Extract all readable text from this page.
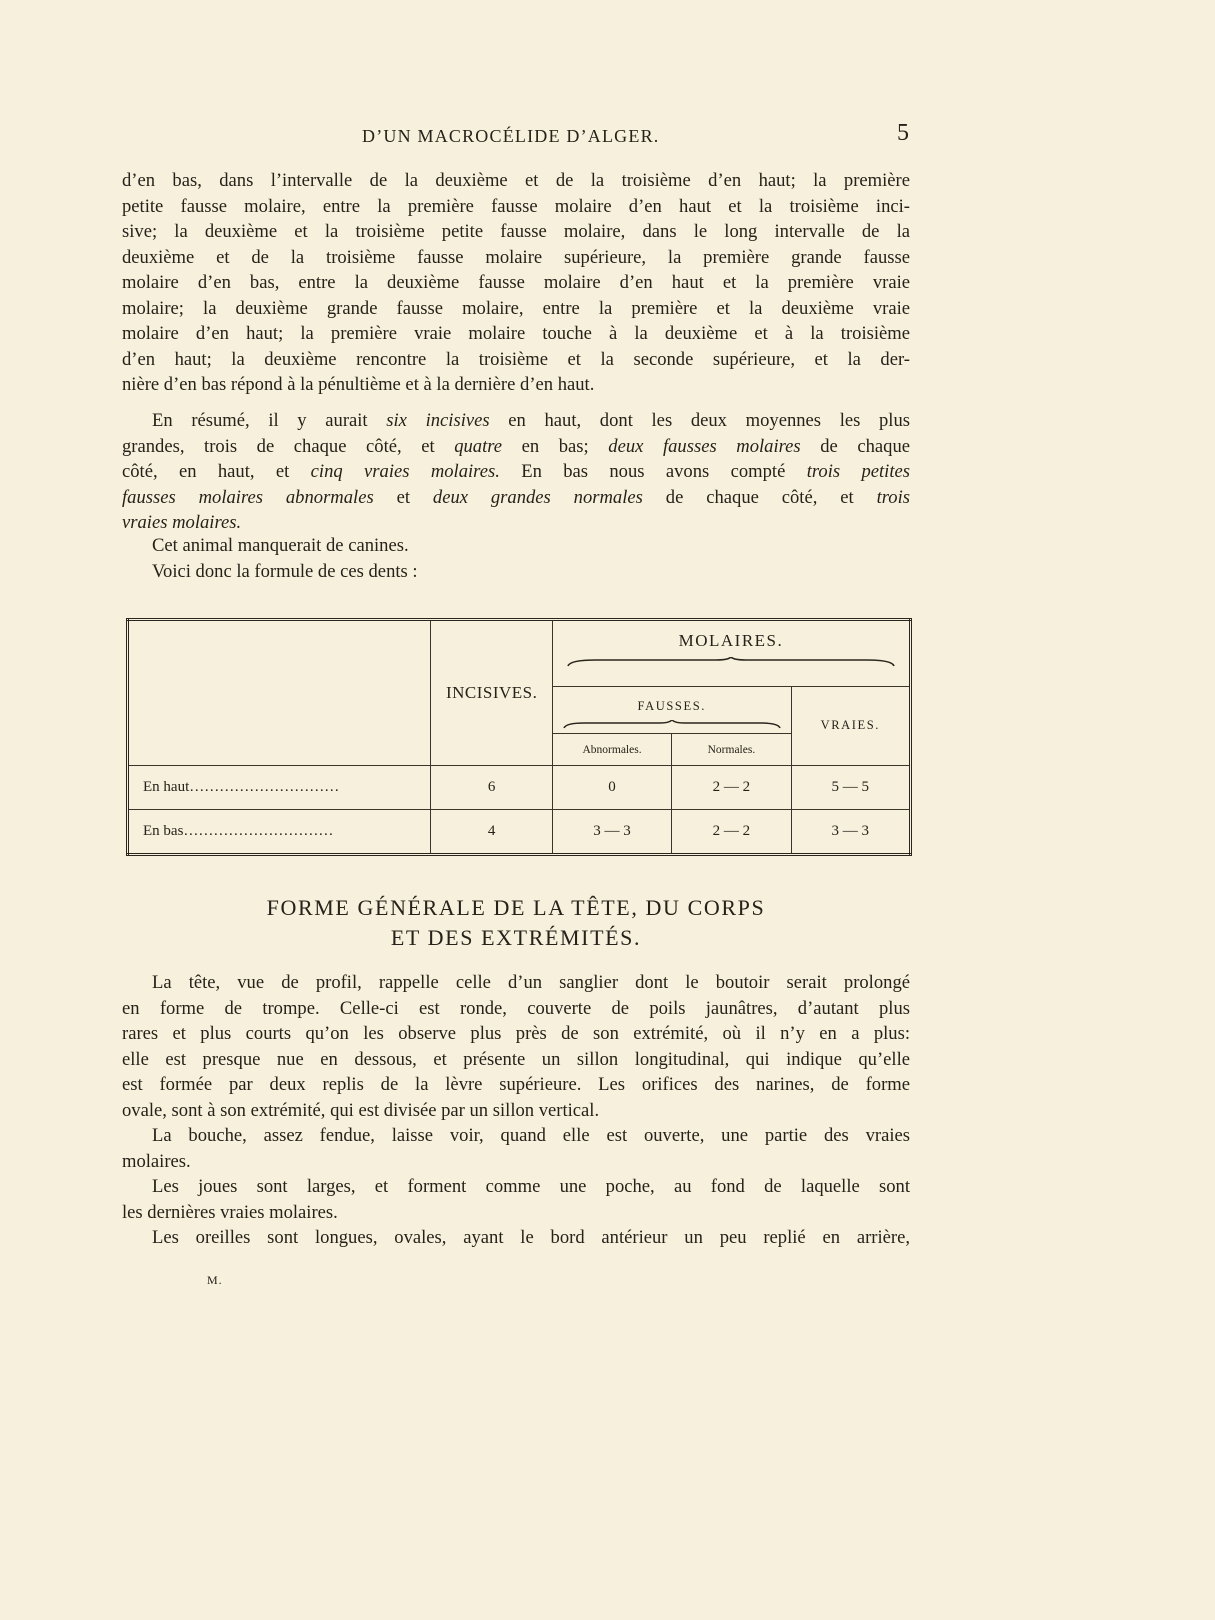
D’UN MACROCÉLIDE D’ALGER.	5

d’en bas, dans l’intervalle de la deuxième et de la troisième d’en haut; la première

petite fausse molaire, entre la première fausse molaire d’en haut et la troisième inci-

sive; la deuxième et la troisième petite fausse molaire, dans le long intervalle de la

deuxième et de la troisième fausse molaire supérieure, la première grande fausse

molaire d’en bas, entre la deuxième fausse molaire d’en haut et la première vraie

molaire; la deuxième grande fausse molaire, entre la première et la deuxième vraie

molaire d’en haut; la première vraie molaire touche à la deuxième et à la troisième

d’en haut; la deuxième rencontre la troisième et la seconde supérieure, et la der-

nière d’en bas répond à la pénultième et à la dernière d’en haut.

En résumé, il y aurait six incisives en haut, dont les deux moyennes les plus

grandes, trois de chaque côté, et quatre en bas; deux fausses molaires de chaque

côté, en haut, et cinq vraies molaires. En bas nous avons compté trois petites

fausses molaires abnormales et deux grandes normales de chaque côté, et trois

vraies molaires.

Cet animal manquerait de canines.

Voici donc la formule de ces dents :

	INCISIVES.	MOLAIRES.		

		FAUSSES.		VRAIES.
		Abnormales.	Normales.	
En haut…………………………	6	0	2 — 2	5 — 5
En bas…………………………	4	3 — 3	2 — 2	3 — 3
FORME GÉNÉRALE DE LA TÊTE, DU CORPS
ET DES EXTRÉMITÉS.

La tête, vue de profil, rappelle celle d’un sanglier dont le boutoir serait prolongé

en forme de trompe. Celle-ci est ronde, couverte de poils jaunâtres, d’autant plus

rares et plus courts qu’on les observe plus près de son extrémité, où il n’y en a plus:

elle est presque nue en dessous, et présente un sillon longitudinal, qui indique qu’elle

est formée par deux replis de la lèvre supérieure. Les orifices des narines, de forme

ovale, sont à son extrémité, qui est divisée par un sillon vertical.

La bouche, assez fendue, laisse voir, quand elle est ouverte, une partie des vraies

molaires.

Les joues sont larges, et forment comme une poche, au fond de laquelle sont

les dernières vraies molaires.

Les oreilles sont longues, ovales, ayant le bord antérieur un peu replié en arrière,

M.
